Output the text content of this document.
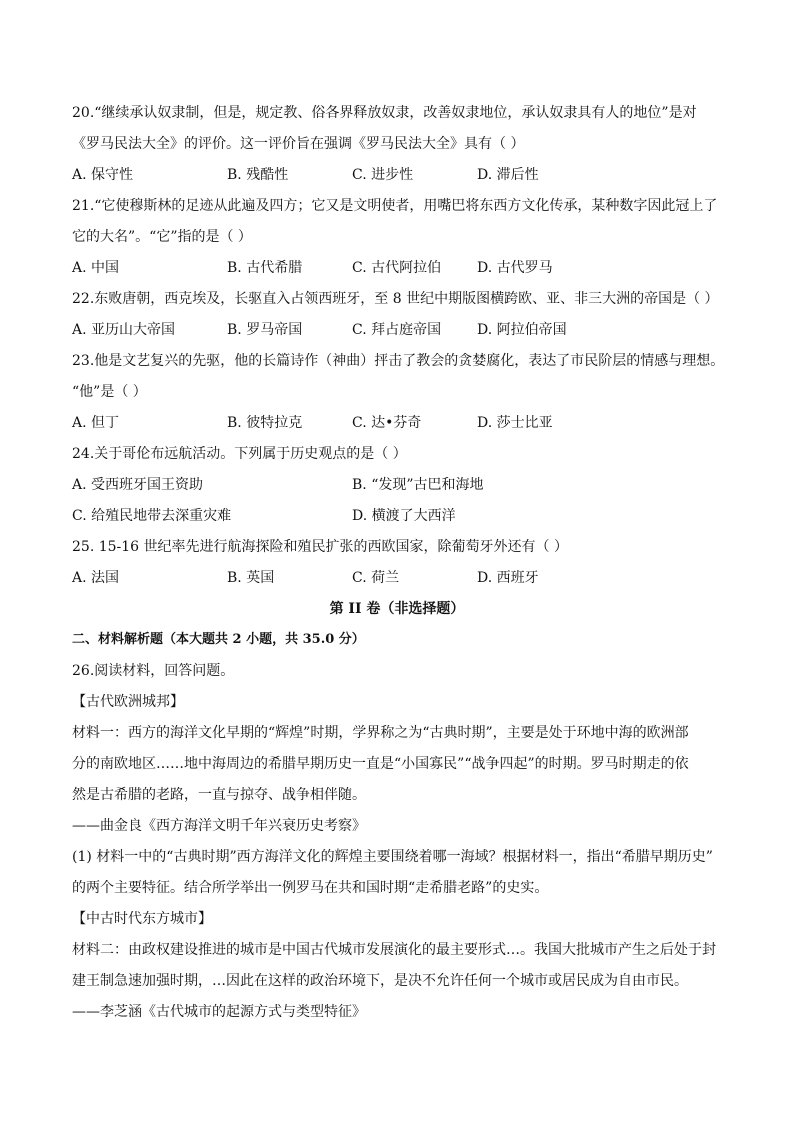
20.“继续承认奴隶制，但是，规定教、俗各界释放奴隶，改善奴隶地位，承认奴隶具有人的地位”是对
《罗马民法大全》的评价。这一评价旨在强调《罗马民法大全》具有（ ）
A. 保守性	B. 残酷性	C. 进步性	D. 滞后性
21.“它使穆斯林的足迹从此遍及四方；它又是文明使者，用嘴巴将东西方文化传承，某种数字因此冠上了
它的大名”。“它”指的是（ ）
A. 中国	B. 古代希腊	C. 古代阿拉伯	D. 古代罗马
22.东败唐朝，西克埃及，长驱直入占领西班牙，至 8 世纪中期版图横跨欧、亚、非三大洲的帝国是（ ）
A. 亚历山大帝国	B. 罗马帝国	C. 拜占庭帝国	D. 阿拉伯帝国
23.他是文艺复兴的先驱，他的长篇诗作（神曲）抨击了教会的贪婪腐化，表达了市民阶层的情感与理想。
“他”是（ ）
A. 但丁	B. 彼特拉克	C. 达•芬奇	D. 莎士比亚
24.关于哥伦布远航活动。下列属于历史观点的是（ ）
A. 受西班牙国王资助	B. “发现”古巴和海地
C. 给殖民地带去深重灾难	D. 横渡了大西洋
25. 15-16 世纪率先进行航海探险和殖民扩张的西欧国家，除葡萄牙外还有（ ）
A. 法国	B. 英国	C. 荷兰	D. 西班牙
第 II 卷（非选择题）
二、材料解析题（本大题共 2 小题，共 35.0 分）
26.阅读材料，回答问题。
【古代欧洲城邦】
材料一：西方的海洋文化早期的“辉煌”时期，学界称之为“古典时期”，主要是处于环地中海的欧洲部
分的南欧地区……地中海周边的希腊早期历史一直是“小国寡民”“战争四起”的时期。罗马时期走的依
然是古希腊的老路，一直与掠夺、战争相伴随。
——曲金良《西方海洋文明千年兴衰历史考察》
(1) 材料一中的“古典时期”西方海洋文化的辉煌主要围绕着哪一海域？根据材料一，指出“希腊早期历史”
的两个主要特征。结合所学举出一例罗马在共和国时期“走希腊老路”的史实。
【中古时代东方城市】
材料二：由政权建设推进的城市是中国古代城市发展演化的最主要形式…。我国大批城市产生之后处于封
建王制急速加强时期，…因此在这样的政治环境下，是决不允许任何一个城市或居民成为自由市民。
——李芝涵《古代城市的起源方式与类型特征》
